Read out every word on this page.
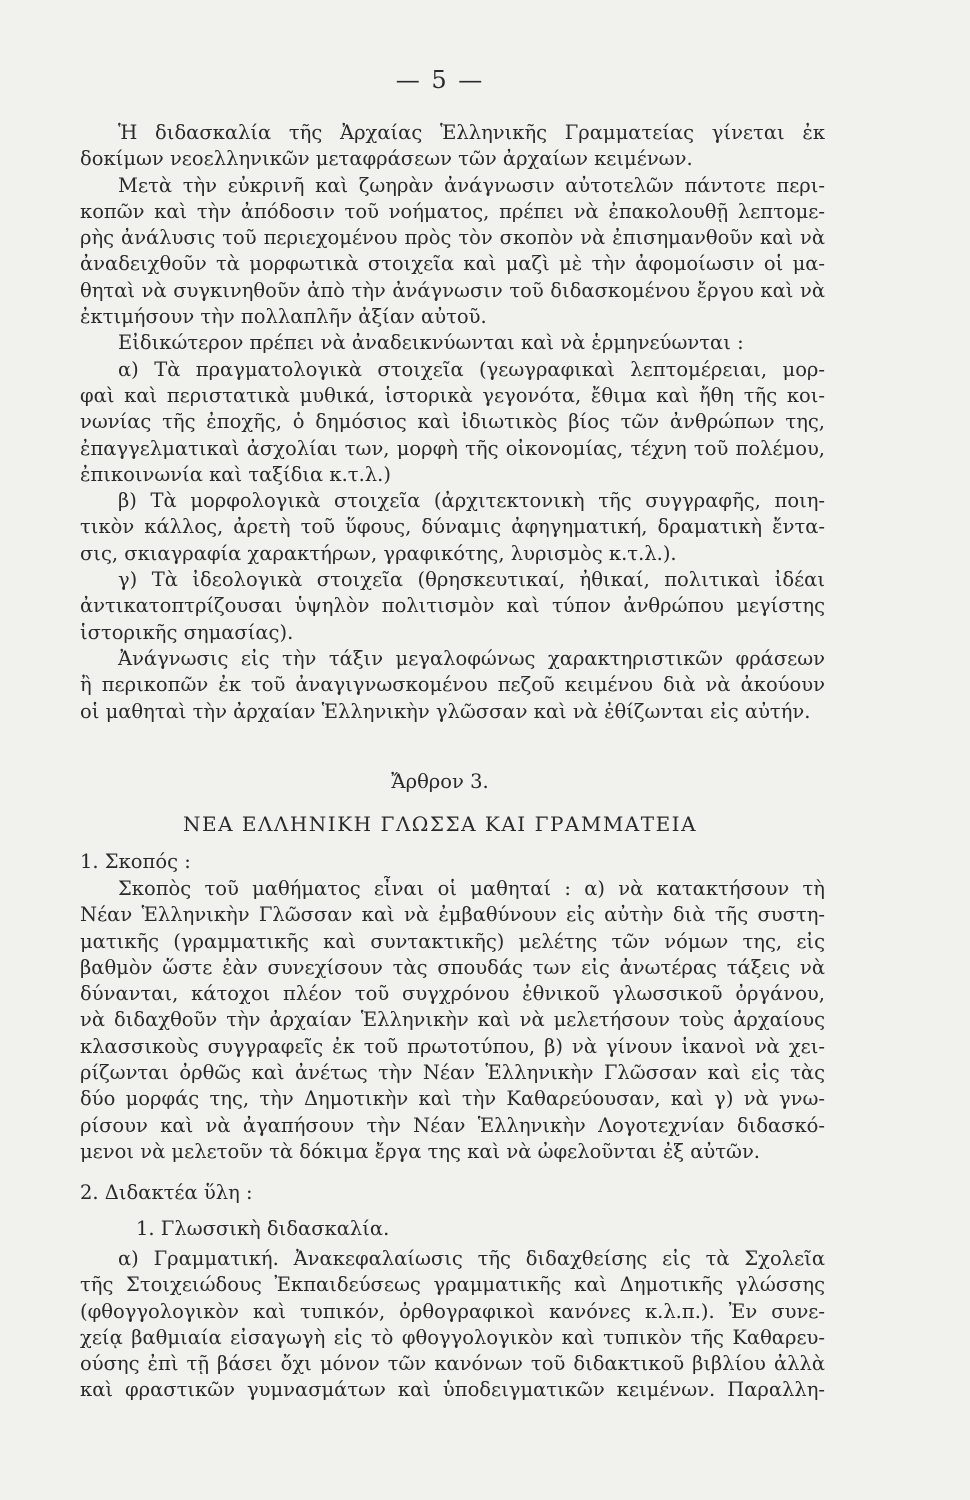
— 5 —
Ἡ διδασκαλία τῆς Ἀρχαίας Ἑλληνικῆς Γραμματείας γίνεται ἐκ
δοκίμων νεοελληνικῶν μεταφράσεων τῶν ἀρχαίων κειμένων.
Μετὰ τὴν εὐκρινῆ καὶ ζωηρὰν ἀνάγνωσιν αὐτοτελῶν πάντοτε περι-
κοπῶν καὶ τὴν ἀπόδοσιν τοῦ νοήματος, πρέπει νὰ ἐπακολουθῇ λεπτομε-
ρὴς ἀνάλυσις τοῦ περιεχομένου πρὸς τὸν σκοπὸν νὰ ἐπισημανθοῦν καὶ νὰ
ἀναδειχθοῦν τὰ μορφωτικὰ στοιχεῖα καὶ μαζὶ μὲ τὴν ἀφομοίωσιν οἱ μα-
θηταὶ νὰ συγκινηθοῦν ἀπὸ τὴν ἀνάγνωσιν τοῦ διδασκομένου ἔργου καὶ νὰ
ἐκτιμήσουν τὴν πολλαπλῆν ἀξίαν αὐτοῦ.
Εἰδικώτερον πρέπει νὰ ἀναδεικνύωνται καὶ νὰ ἑρμηνεύωνται :
α) Τὰ πραγματολογικὰ στοιχεῖα (γεωγραφικαὶ λεπτομέρειαι, μορ-
φαὶ καὶ περιστατικὰ μυθικά, ἱστορικὰ γεγονότα, ἔθιμα καὶ ἤθη τῆς κοι-
νωνίας τῆς ἐποχῆς, ὁ δημόσιος καὶ ἰδιωτικὸς βίος τῶν ἀνθρώπων της,
ἐπαγγελματικαὶ ἀσχολίαι των, μορφὴ τῆς οἰκονομίας, τέχνη τοῦ πολέμου,
ἐπικοινωνία καὶ ταξίδια κ.τ.λ.)
β) Τὰ μορφολογικὰ στοιχεῖα (ἀρχιτεκτονικὴ τῆς συγγραφῆς, ποιη-
τικὸν κάλλος, ἀρετὴ τοῦ ὕφους, δύναμις ἀφηγηματική, δραματικὴ ἔντα-
σις, σκιαγραφία χαρακτήρων, γραφικότης, λυρισμὸς κ.τ.λ.).
γ) Τὰ ἰδεολογικὰ στοιχεῖα (θρησκευτικαί, ἠθικαί, πολιτικαὶ ἰδέαι
ἀντικατοπτρίζουσαι ὑψηλὸν πολιτισμὸν καὶ τύπον ἀνθρώπου μεγίστης
ἱστορικῆς σημασίας).
Ἀνάγνωσις εἰς τὴν τάξιν μεγαλοφώνως χαρακτηριστικῶν φράσεων
ἢ περικοπῶν ἐκ τοῦ ἀναγιγνωσκομένου πεζοῦ κειμένου διὰ νὰ ἀκούουν
οἱ μαθηταὶ τὴν ἀρχαίαν Ἑλληνικὴν γλῶσσαν καὶ νὰ ἐθίζωνται εἰς αὐτήν.
Ἄρθρον 3.
ΝΕΑ ΕΛΛΗΝΙΚΗ ΓΛΩΣΣΑ ΚΑΙ ΓΡΑΜΜΑΤΕΙΑ
1. Σκοπός :
Σκοπὸς τοῦ μαθήματος εἶναι οἱ μαθηταί : α) νὰ κατακτήσουν τὴ
Νέαν Ἑλληνικὴν Γλῶσσαν καὶ νὰ ἐμβαθύνουν εἰς αὐτὴν διὰ τῆς συστη-
ματικῆς (γραμματικῆς καὶ συντακτικῆς) μελέτης τῶν νόμων της, εἰς
βαθμὸν ὥστε ἐὰν συνεχίσουν τὰς σπουδάς των εἰς ἀνωτέρας τάξεις νὰ
δύνανται, κάτοχοι πλέον τοῦ συγχρόνου ἐθνικοῦ γλωσσικοῦ ὀργάνου,
νὰ διδαχθοῦν τὴν ἀρχαίαν Ἑλληνικὴν καὶ νὰ μελετήσουν τοὺς ἀρχαίους
κλασσικοὺς συγγραφεῖς ἐκ τοῦ πρωτοτύπου, β) νὰ γίνουν ἱκανοὶ νὰ χει-
ρίζωνται ὀρθῶς καὶ ἀνέτως τὴν Νέαν Ἑλληνικὴν Γλῶσσαν καὶ εἰς τὰς
δύο μορφάς της, τὴν Δημοτικὴν καὶ τὴν Καθαρεύουσαν, καὶ γ) νὰ γνω-
ρίσουν καὶ νὰ ἀγαπήσουν τὴν Νέαν Ἑλληνικὴν Λογοτεχνίαν διδασκό-
μενοι νὰ μελετοῦν τὰ δόκιμα ἔργα της καὶ νὰ ὠφελοῦνται ἐξ αὐτῶν.
2. Διδακτέα ὕλη :
1. Γλωσσικὴ διδασκαλία.
α) Γραμματική. Ἀνακεφαλαίωσις τῆς διδαχθείσης εἰς τὰ Σχολεῖα
τῆς Στοιχειώδους Ἐκπαιδεύσεως γραμματικῆς καὶ Δημοτικῆς γλώσσης
(φθογγολογικὸν καὶ τυπικόν, ὀρθογραφικοὶ κανόνες κ.λ.π.). Ἐν συνε-
χείᾳ βαθμιαία εἰσαγωγὴ εἰς τὸ φθογγολογικὸν καὶ τυπικὸν τῆς Καθαρευ-
ούσης ἐπὶ τῇ βάσει ὄχι μόνον τῶν κανόνων τοῦ διδακτικοῦ βιβλίου ἀλλὰ
καὶ φραστικῶν γυμνασμάτων καὶ ὑποδειγματικῶν κειμένων. Παραλλη-
